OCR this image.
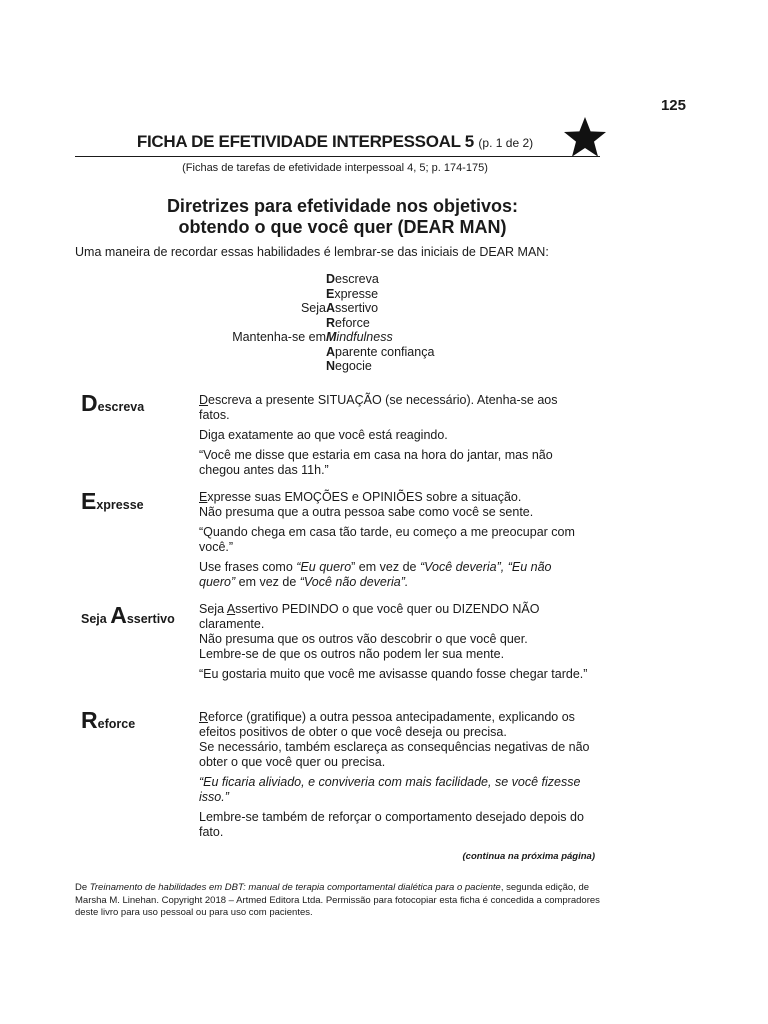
125
FICHA DE EFETIVIDADE INTERPESSOAL 5 (p. 1 de 2)
(Fichas de tarefas de efetividade interpessoal 4, 5; p. 174-175)
Diretrizes para efetividade nos objetivos:
obtendo o que você quer (DEAR MAN)
Uma maneira de recordar essas habilidades é lembrar-se das iniciais de DEAR MAN:
D escreva
E xpresse
Seja A ssertivo
R eforce
Mantenha-se em M indfulness
A parente confiança
N egocie
Descreva	Descreva a presente SITUAÇÃO (se necessário). Atenha-se aos fatos.

Diga exatamente ao que você está reagindo.

“Você me disse que estaria em casa na hora do jantar, mas não chegou antes das 11h.”

Expresse

Expresse suas EMOÇÕES e OPINIÕES sobre a situação.
Não presuma que a outra pessoa sabe como você se sente.

“Quando chega em casa tão tarde, eu começo a me preocupar com você.”

Use frases como “Eu quero” em vez de “Você deveria”, “Eu não quero” em vez de “Você não deveria”.

Seja Assertivo

Seja Assertivo PEDINDO o que você quer ou DIZENDO NÃO claramente.
Não presuma que os outros vão descobrir o que você quer.
Lembre-se de que os outros não podem ler sua mente.

“Eu gostaria muito que você me avisasse quando fosse chegar tarde.”

Reforce	Reforce (gratifique) a outra pessoa antecipadamente, explicando os efeitos positivos de obter o que você deseja ou precisa.
Se necessário, também esclareça as consequências negativas de não obter o que você quer ou precisa.

“Eu ficaria aliviado, e conviveria com mais facilidade, se você fizesse isso.”

Lembre-se também de reforçar o comportamento desejado depois do fato.

(continua na próxima página)
De Treinamento de habilidades em DBT: manual de terapia comportamental dialética para o paciente, segunda edição, de Marsha M. Linehan. Copyright 2018 – Artmed Editora Ltda. Permissão para fotocopiar esta ficha é concedida a compradores deste livro para uso pessoal ou para uso com pacientes.
